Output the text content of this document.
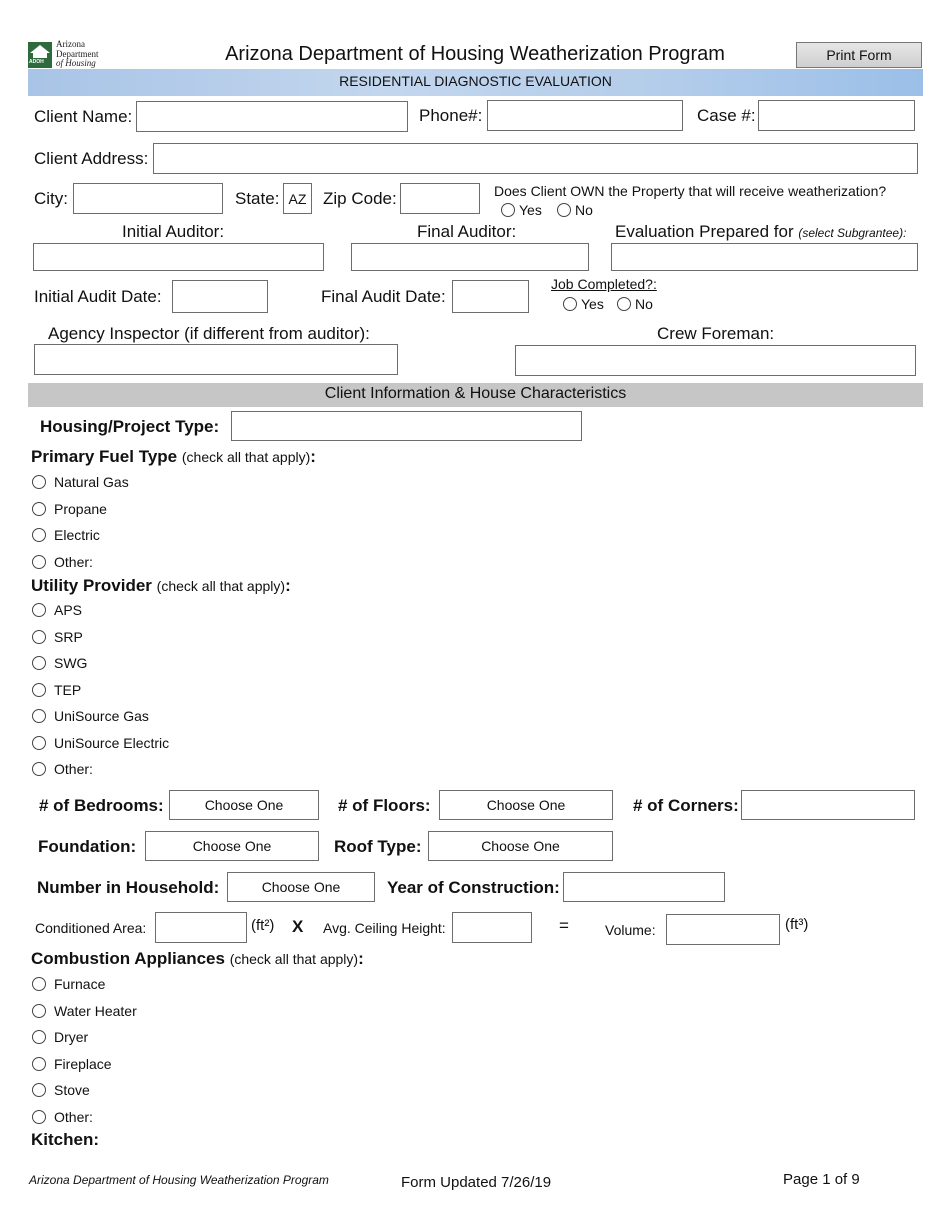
ADOH
Arizona
Department
of Housing	Arizona Department of Housing Weatherization Program	Print Form
RESIDENTIAL DIAGNOSTIC EVALUATION
Client Name:	Phone#:	Case #:
Client Address:
City:	State: AZ Zip Code:	Does Client OWN the Property that will receive weatherization?
Yes No
Initial Auditor:	Final Auditor:	Evaluation Prepared for (select Subgrantee):
Initial Audit Date:	Final Audit Date:
Job Completed?:
Yes No
Agency Inspector (if different from auditor):	Crew Foreman:
Client Information & House Characteristics
Housing/Project Type:
Primary Fuel Type (check all that apply):
Natural Gas
Propane
Electric
Other:
Utility Provider (check all that apply):
APS
SRP
SWG
TEP
UniSource Gas
UniSource Electric
Other:
# of Bedrooms:	Choose One	# of Floors:	Choose One	# of Corners:
Foundation:	Choose One	Roof Type:	Choose One
Number in Household:	Choose One	Year of Construction:
Conditioned Area:	(ft²) X Avg. Ceiling Height:	=	Volume:	(ft³)
Combustion Appliances (check all that apply):
Furnace
Water Heater
Dryer
Fireplace
Stove
Other:
Kitchen:
Arizona Department of Housing Weatherization Program	Form Updated 7/26/19	Page 1 of 9
